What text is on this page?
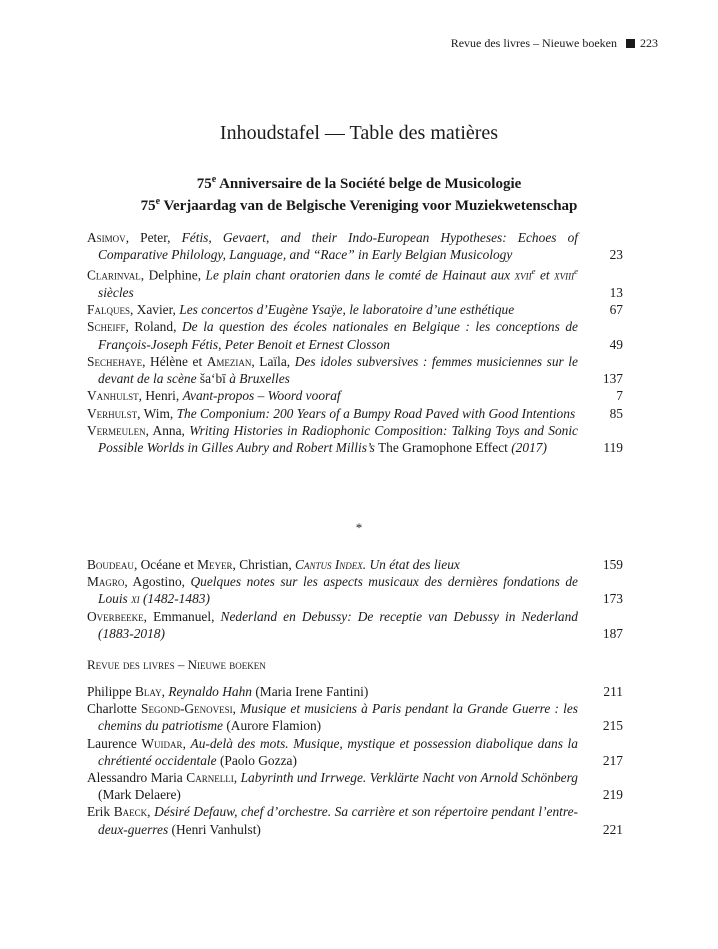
Revue des livres – Nieuwe boeken 223
Inhoudstafel — Table des matières
75e Anniversaire de la Société belge de Musicologie
75e Verjaardag van de Belgische Vereniging voor Muziekwetenschap
Asimov, Peter, Fétis, Gevaert, and their Indo-European Hypotheses: Echoes of Comparative Philology, Language, and “Race” in Early Belgian Musicology	23
Clarinval, Delphine, Le plain chant oratorien dans le comté de Hainaut aux xvii$^e$ et xviii$^e$ siècles	13
Falques, Xavier, Les concertos d’Eugène Ysaÿe, le laboratoire d’une esthétique	67
Scheiff, Roland, De la question des écoles nationales en Belgique : les conceptions de François-Joseph Fétis, Peter Benoit et Ernest Closson	49
Sechehaye, Hélène et Amezian, Laïla, Des idoles subversives : femmes musiciennes sur le devant de la scène ša‘bī à Bruxelles	137
Vanhulst, Henri, Avant-propos – Woord vooraf	7
Verhulst, Wim, The Componium: 200 Years of a Bumpy Road Paved with Good Intentions	85
Vermeulen, Anna, Writing Histories in Radiophonic Composition: Talking Toys and Sonic Possible Worlds in Gilles Aubry and Robert Millis’s The Gramophone Effect (2017)	119
*
Boudeau, Océane et Meyer, Christian, Cantus Index. Un état des lieux	159
Magro, Agostino, Quelques notes sur les aspects musicaux des dernières fondations de Louis xi (1482-1483)	173
Overbeeke, Emmanuel, Nederland en Debussy: De receptie van Debussy in Nederland (1883-2018)	187
Revue des livres – Nieuwe boeken
Philippe Blay, Reynaldo Hahn (Maria Irene Fantini)	211
Charlotte Segond-Genovesi, Musique et musiciens à Paris pendant la Grande Guerre : les chemins du patriotisme (Aurore Flamion)	215
Laurence Wuidar, Au-delà des mots. Musique, mystique et possession diabolique dans la chrétienté occidentale (Paolo Gozza)	217
Alessandro Maria Carnelli, Labyrinth und Irrwege. Verklärte Nacht von Arnold Schönberg (Mark Delaere)	219
Erik Baeck, Désiré Defauw, chef d’orchestre. Sa carrière et son répertoire pendant l’entre-deux-guerres (Henri Vanhulst)	221
